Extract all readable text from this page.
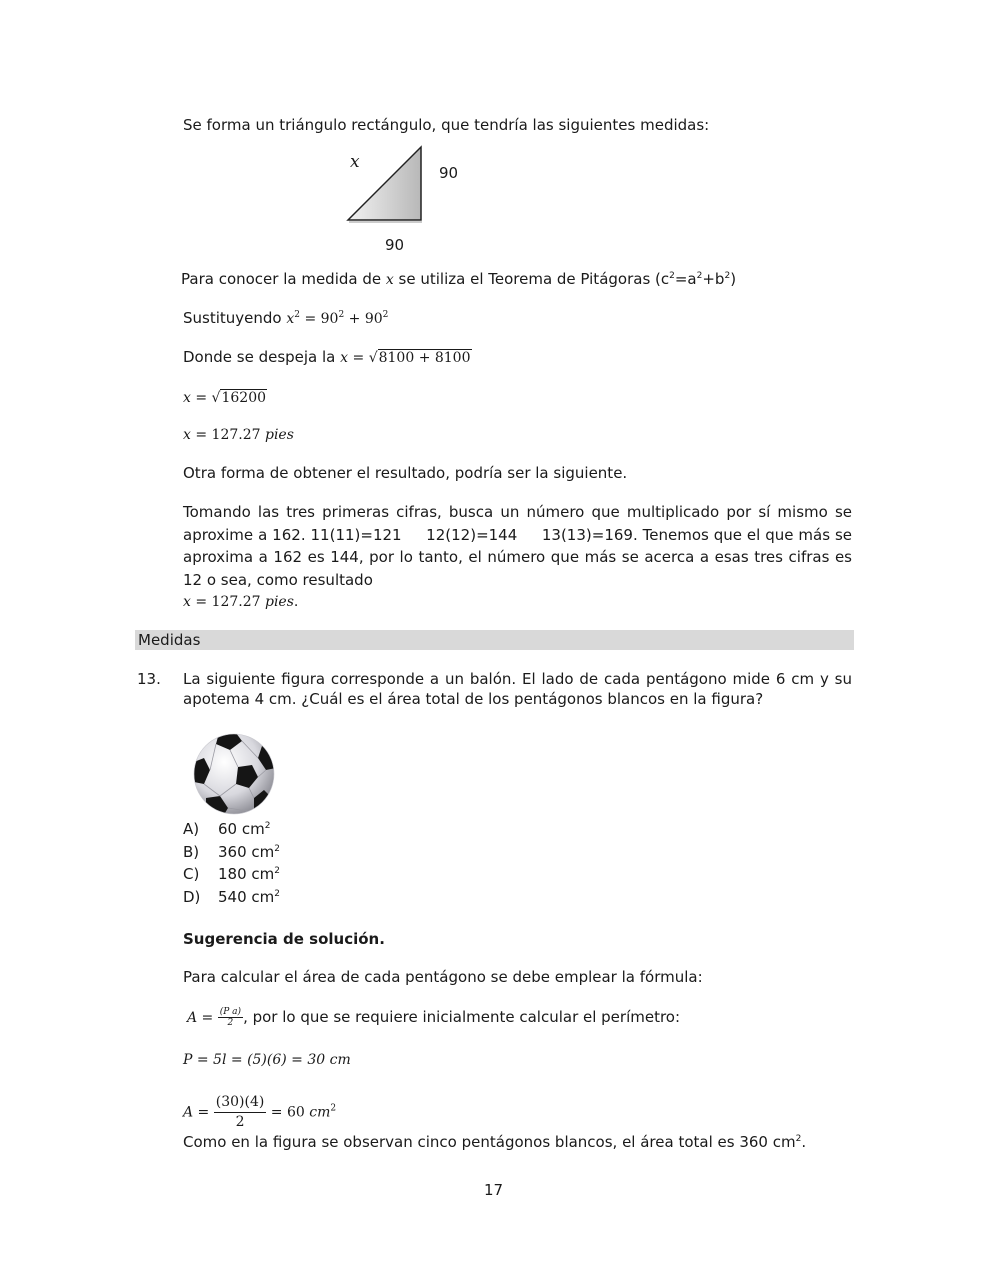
Se forma un triángulo rectángulo, que tendría las siguientes medidas:
x
90
90
Para conocer la medida de x se utiliza el Teorema de Pitágoras $(c^2=a^2+b^2)$
Sustituyendo $x^2 = 90^2 + 90^2$
Donde se despeja la x = √8100 + 8100
x = √16200
x = 127.27 pies
Otra forma de obtener el resultado, podría ser la siguiente.
Tomando las tres primeras cifras, busca un número que multiplicado por sí mismo se aproxime a 162. 11(11)=121     12(12)=144     13(13)=169. Tenemos que el que más se aproxima a 162 es 144, por lo tanto, el número que más se acerca a esas tres cifras es 12 o sea, como resultado
x = 127.27 pies.
Medidas
13. La siguiente figura corresponde a un balón. El lado de cada pentágono mide 6 cm y su apotema 4 cm. ¿Cuál es el área total de los pentágonos blancos en la figura?
A) 60 $cm^2$
B) 360 $cm^2$
C) 180 $cm^2$
D) 540 $cm^2$
Sugerencia de solución.
Para calcular el área de cada pentágono se debe emplear la fórmula:
$A = \frac{\text{(P a)}}{2}$ , por lo que se requiere inicialmente calcular el perímetro:
P = 5l = (5)(6) = 30 cm
$A = \frac{(30)(4)}{2} = 60$ $cm^2$
Como en la figura se observan cinco pentágonos blancos, el área total es 360 $cm^2$.
17
